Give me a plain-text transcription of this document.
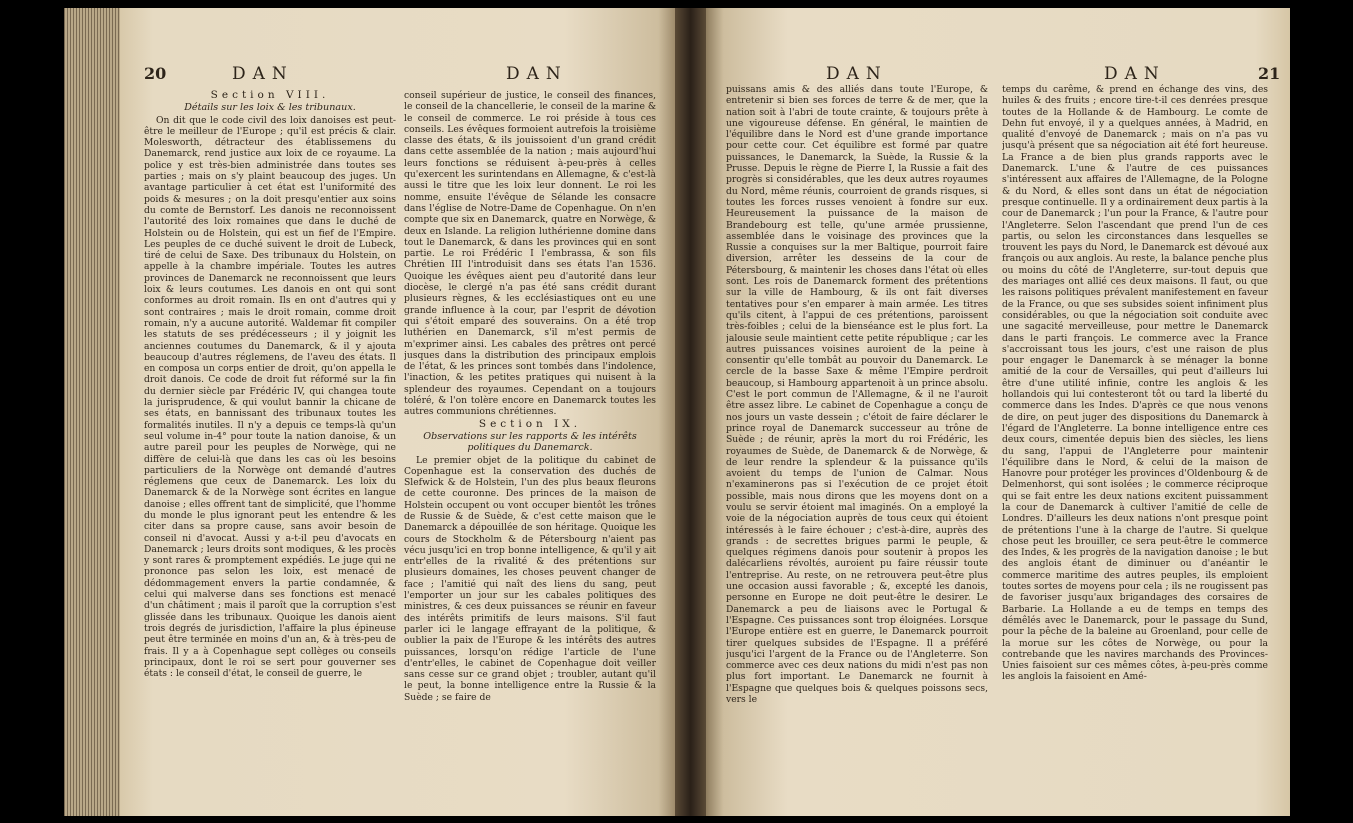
20	DAN	DAN

Section VIII.

Détails sur les loix & les tribunaux.

On dit que le code civil des loix danoises est peut-être le meilleur de l'Europe ; qu'il est précis & clair. Molesworth, détracteur des établissemens du Danemarck, rend justice aux loix de ce royaume. La police y est très-bien administrée dans toutes ses parties ; mais on s'y plaint beaucoup des juges. Un avantage particulier à cet état est l'uniformité des poids & mesures ; on la doit presqu'entier aux soins du comte de Bernstorf. Les danois ne reconnoissent l'autorité des loix romaines que dans le duché de Holstein ou de Holstein, qui est un fief de l'Empire. Les peuples de ce duché suivent le droit de Lubeck, tiré de celui de Saxe. Des tribunaux du Holstein, on appelle à la chambre impériale. Toutes les autres provinces de Danemarck ne reconnoissent que leurs loix & leurs coutumes. Les danois en ont qui sont conformes au droit romain. Ils en ont d'autres qui y sont contraires ; mais le droit romain, comme droit romain, n'y a aucune autorité. Waldemar fit compiler les statuts de ses prédécesseurs ; il y joignit les anciennes coutumes du Danemarck, & il y ajouta beaucoup d'autres réglemens, de l'aveu des états. Il en composa un corps entier de droit, qu'on appella le droit danois. Ce code de droit fut réformé sur la fin du dernier siècle par Frédéric IV, qui changea toute la jurisprudence, & qui voulut bannir la chicane de ses états, en bannissant des tribunaux toutes les formalités inutiles. Il n'y a depuis ce temps-là qu'un seul volume in-4° pour toute la nation danoise, & un autre pareil pour les peuples de Norwège, qui ne diffère de celui-là que dans les cas où les besoins particuliers de la Norwège ont demandé d'autres réglemens que ceux de Danemarck. Les loix du Danemarck & de la Norwège sont écrites en langue danoise ; elles offrent tant de simplicité, que l'homme du monde le plus ignorant peut les entendre & les citer dans sa propre cause, sans avoir besoin de conseil ni d'avocat. Aussi y a-t-il peu d'avocats en Danemarck ; leurs droits sont modiques, & les procès y sont rares & promptement expédiés. Le juge qui ne prononce pas selon les loix, est menacé de dédommagement envers la partie condamnée, & celui qui malverse dans ses fonctions est menacé d'un châtiment ; mais il paroît que la corruption s'est glissée dans les tribunaux. Quoique les danois aient trois degrés de jurisdiction, l'affaire la plus épineuse peut être terminée en moins d'un an, & à très-peu de frais. Il y a à Copenhague sept collèges ou conseils principaux, dont le roi se sert pour gouverner ses états : le conseil d'état, le conseil de guerre, le

conseil supérieur de justice, le conseil des finances, le conseil de la chancellerie, le conseil de la marine & le conseil de commerce. Le roi préside à tous ces conseils. Les évêques formoient autrefois la troisième classe des états, & ils jouissoient d'un grand crédit dans cette assemblée de la nation ; mais aujourd'hui leurs fonctions se réduisent à-peu-près à celles qu'exercent les surintendans en Allemagne, & c'est-là aussi le titre que les loix leur donnent. Le roi les nomme, ensuite l'évêque de Sélande les consacre dans l'église de Notre-Dame de Copenhague. On n'en compte que six en Danemarck, quatre en Norwège, & deux en Islande. La religion luthérienne domine dans tout le Danemarck, & dans les provinces qui en sont partie. Le roi Frédéric I l'embrassa, & son fils Chrétien III l'introduisit dans ses états l'an 1536. Quoique les évêques aient peu d'autorité dans leur diocèse, le clergé n'a pas été sans crédit durant plusieurs règnes, & les ecclésiastiques ont eu une grande influence à la cour, par l'esprit de dévotion qui s'étoit emparé des souverains. On a été trop luthérien en Danemarck, s'il m'est permis de m'exprimer ainsi. Les cabales des prêtres ont percé jusques dans la distribution des principaux emplois de l'état, & les princes sont tombés dans l'indolence, l'inaction, & les petites pratiques qui nuisent à la splendeur des royaumes. Cependant on a toujours toléré, & l'on tolère encore en Danemarck toutes les autres communions chrétiennes.

Section IX.

Observations sur les rapports & les intérêts politiques du Danemarck.

Le premier objet de la politique du cabinet de Copenhague est la conservation des duchés de Slefwick & de Holstein, l'un des plus beaux fleurons de cette couronne. Des princes de la maison de Holstein occupent ou vont occuper bientôt les trônes de Russie & de Suède, & c'est cette maison que le Danemarck a dépouillée de son héritage. Quoique les cours de Stockholm & de Pétersbourg n'aient pas vécu jusqu'ici en trop bonne intelligence, & qu'il y ait entr'elles de la rivalité & des prétentions sur plusieurs domaines, les choses peuvent changer de face ; l'amitié qui naît des liens du sang, peut l'emporter un jour sur les cabales politiques des ministres, & ces deux puissances se réunir en faveur des intérêts primitifs de leurs maisons. S'il faut parler ici le langage effrayant de la politique, & oublier la paix de l'Europe & les intérêts des autres puissances, lorsqu'on rédige l'article de l'une d'entr'elles, le cabinet de Copenhague doit veiller sans cesse sur ce grand objet ; troubler, autant qu'il le peut, la bonne intelligence entre la Russie & la Suède ; se faire de

DAN	DAN	21

puissans amis & des alliés dans toute l'Europe, & entretenir si bien ses forces de terre & de mer, que la nation soit à l'abri de toute crainte, & toujours prête à une vigoureuse défense. En général, le maintien de l'équilibre dans le Nord est d'une grande importance pour cette cour. Cet équilibre est formé par quatre puissances, le Danemarck, la Suède, la Russie & la Prusse. Depuis le règne de Pierre I, la Russie a fait des progrès si considérables, que les deux autres royaumes du Nord, même réunis, courroient de grands risques, si toutes les forces russes venoient à fondre sur eux. Heureusement la puissance de la maison de Brandebourg est telle, qu'une armée prussienne, assemblée dans le voisinage des provinces que la Russie a conquises sur la mer Baltique, pourroit faire diversion, arrêter les desseins de la cour de Pétersbourg, & maintenir les choses dans l'état où elles sont. Les rois de Danemarck forment des prétentions sur la ville de Hambourg, & ils ont fait diverses tentatives pour s'en emparer à main armée. Les titres qu'ils citent, à l'appui de ces prétentions, paroissent très-foibles ; celui de la bienséance est le plus fort. La jalousie seule maintient cette petite république ; car les autres puissances voisines auroient de la peine à consentir qu'elle tombât au pouvoir du Danemarck. Le cercle de la basse Saxe & même l'Empire perdroit beaucoup, si Hambourg appartenoit à un prince absolu. C'est le port commun de l'Allemagne, & il ne l'auroit être assez libre. Le cabinet de Copenhague a conçu de nos jours un vaste dessein ; c'étoit de faire déclarer le prince royal de Danemarck successeur au trône de Suède ; de réunir, après la mort du roi Frédéric, les royaumes de Suède, de Danemarck & de Norwège, & de leur rendre la splendeur & la puissance qu'ils avoient du temps de l'union de Calmar. Nous n'examinerons pas si l'exécution de ce projet étoit possible, mais nous dirons que les moyens dont on a voulu se servir étoient mal imaginés. On a employé la voie de la négociation auprès de tous ceux qui étoient intéressés à le faire échouer ; c'est-à-dire, auprès des grands : de secrettes brigues parmi le peuple, & quelques régimens danois pour soutenir à propos les dalécarliens révoltés, auroient pu faire réussir toute l'entreprise. Au reste, on ne retrouvera peut-être plus une occasion aussi favorable ; &, excepté les danois, personne en Europe ne doit peut-être le desirer. Le Danemarck a peu de liaisons avec le Portugal & l'Espagne. Ces puissances sont trop éloignées. Lorsque l'Europe entière est en guerre, le Danemarck pourroit tirer quelques subsides de l'Espagne. Il a préféré jusqu'ici l'argent de la France ou de l'Angleterre. Son commerce avec ces deux nations du midi n'est pas non plus fort important. Le Danemarck ne fournit à l'Espagne que quelques bois & quelques poissons secs, vers le

temps du carême, & prend en échange des vins, des huiles & des fruits ; encore tire-t-il ces denrées presque toutes de la Hollande & de Hambourg. Le comte de Dehn fut envoyé, il y a quelques années, à Madrid, en qualité d'envoyé de Danemarck ; mais on n'a pas vu jusqu'à présent que sa négociation ait été fort heureuse. La France a de bien plus grands rapports avec le Danemarck. L'une & l'autre de ces puissances s'intéressent aux affaires de l'Allemagne, de la Pologne & du Nord, & elles sont dans un état de négociation presque continuelle. Il y a ordinairement deux partis à la cour de Danemarck ; l'un pour la France, & l'autre pour l'Angleterre. Selon l'ascendant que prend l'un de ces partis, ou selon les circonstances dans lesquelles se trouvent les pays du Nord, le Danemarck est dévoué aux françois ou aux anglois. Au reste, la balance penche plus ou moins du côté de l'Angleterre, sur-tout depuis que des mariages ont allié ces deux maisons. Il faut, ou que les raisons politiques prévalent manifestement en faveur de la France, ou que ses subsides soient infiniment plus considérables, ou que la négociation soit conduite avec une sagacité merveilleuse, pour mettre le Danemarck dans le parti françois. Le commerce avec la France s'accroissant tous les jours, c'est une raison de plus pour engager le Danemarck à se ménager la bonne amitié de la cour de Versailles, qui peut d'ailleurs lui être d'une utilité infinie, contre les anglois & les hollandois qui lui contesteront tôt ou tard la liberté du commerce dans les Indes. D'après ce que nous venons de dire, on peut juger des dispositions du Danemarck à l'égard de l'Angleterre. La bonne intelligence entre ces deux cours, cimentée depuis bien des siècles, les liens du sang, l'appui de l'Angleterre pour maintenir l'équilibre dans le Nord, & celui de la maison de Hanovre pour protéger les provinces d'Oldenbourg & de Delmenhorst, qui sont isolées ; le commerce réciproque qui se fait entre les deux nations excitent puissamment la cour de Danemarck à cultiver l'amitié de celle de Londres. D'ailleurs les deux nations n'ont presque point de prétentions l'une à la charge de l'autre. Si quelque chose peut les brouiller, ce sera peut-être le commerce des Indes, & les progrès de la navigation danoise ; le but des anglois étant de diminuer ou d'anéantir le commerce maritime des autres peuples, ils emploient toutes sortes de moyens pour cela ; ils ne rougissent pas de favoriser jusqu'aux brigandages des corsaires de Barbarie. La Hollande a eu de temps en temps des démêlés avec le Danemarck, pour le passage du Sund, pour la pêche de la baleine au Groenland, pour celle de la morue sur les côtes de Norwège, ou pour la contrebande que les navires marchands des Provinces-Unies faisoient sur ces mêmes côtes, à-peu-près comme les anglois la faisoient en Amé-
